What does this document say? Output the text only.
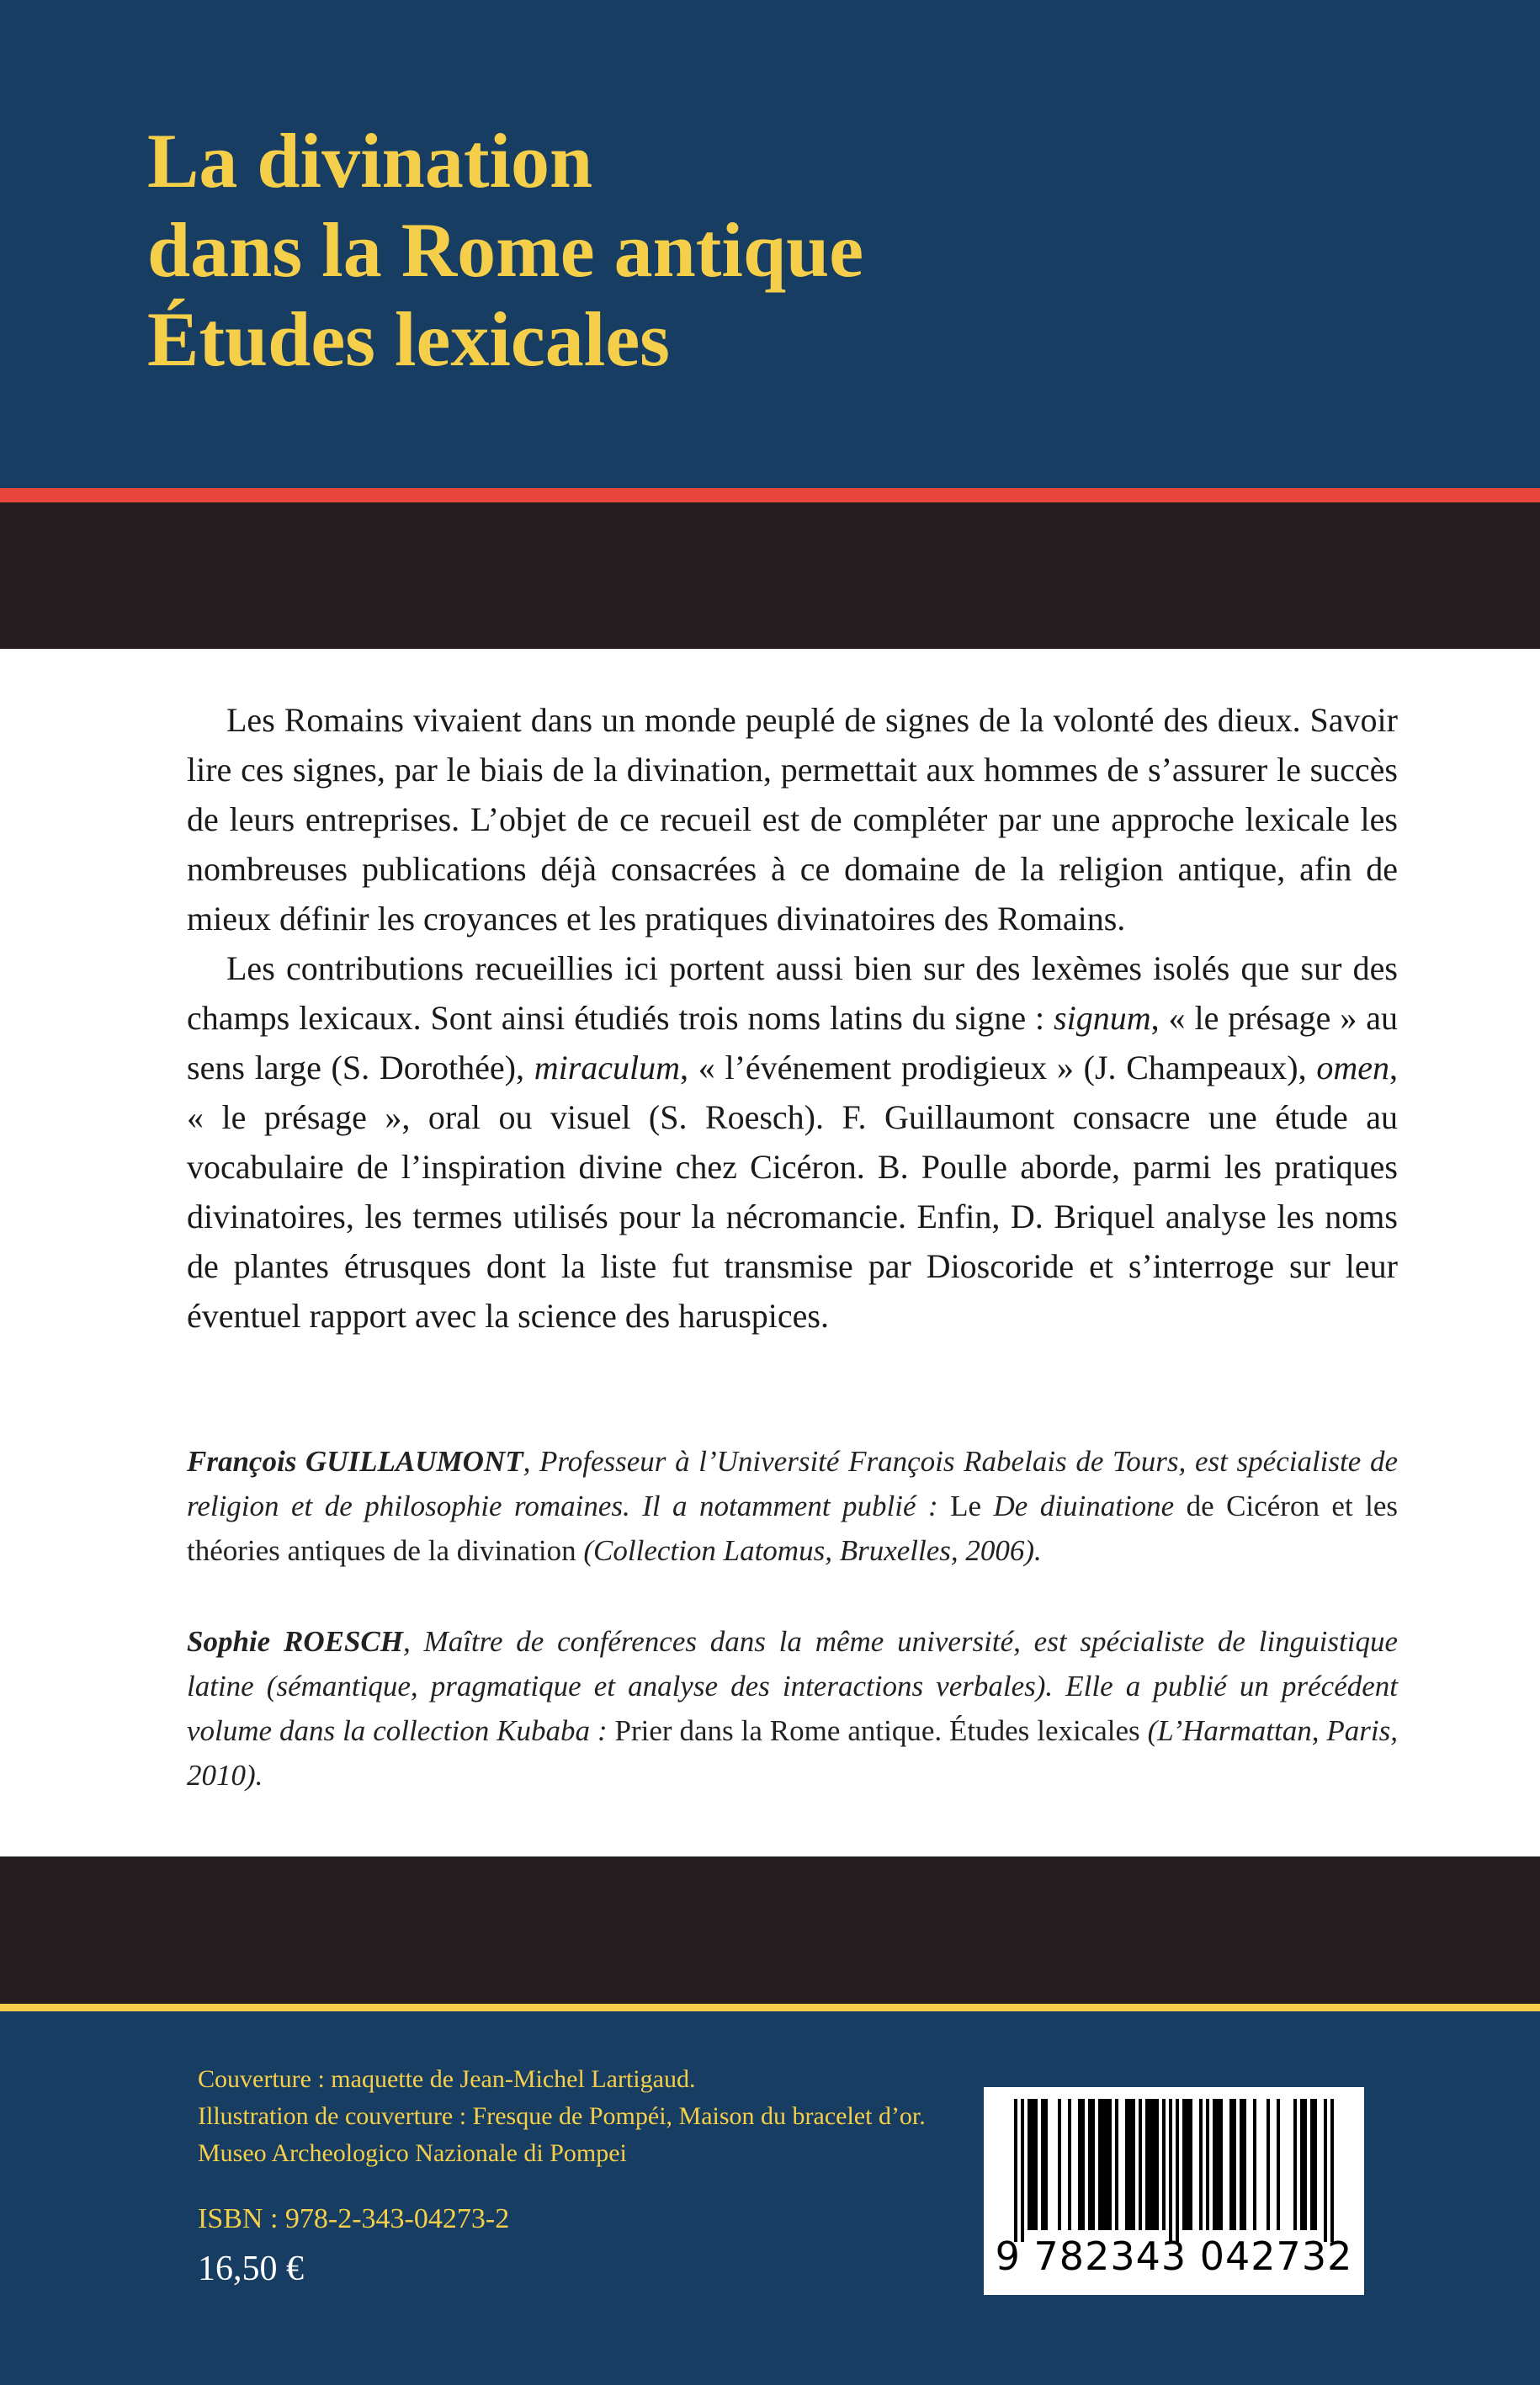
La divination
dans la Rome antique
Études lexicales

Les Romains vivaient dans un monde peuplé de signes de la volonté des dieux. Savoir lire ces signes, par le biais de la divination, permettait aux hommes de s’assurer le succès de leurs entreprises. L’objet de ce recueil est de compléter par une approche lexicale les nombreuses publications déjà consacrées à ce domaine de la religion antique, afin de mieux définir les croyances et les pratiques divinatoires des Romains.

Les contributions recueillies ici portent aussi bien sur des lexèmes isolés que sur des champs lexicaux. Sont ainsi étudiés trois noms latins du signe : signum, « le présage » au sens large (S. Dorothée), miraculum, « l’événement prodigieux » (J. Champeaux), omen, « le présage », oral ou visuel (S. Roesch). F. Guillaumont consacre une étude au vocabulaire de l’inspiration divine chez Cicéron. B. Poulle aborde, parmi les pratiques divinatoires, les termes utilisés pour la nécromancie. Enfin, D. Briquel analyse les noms de plantes étrusques dont la liste fut transmise par Dioscoride et s’interroge sur leur éventuel rapport avec la science des haruspices.

François GUILLAUMONT, Professeur à l’Université François Rabelais de Tours, est spécialiste de religion et de philosophie romaines. Il a notamment publié : Le De diuinatione de Cicéron et les théories antiques de la divination (Collection Latomus, Bruxelles, 2006).

Sophie ROESCH, Maître de conférences dans la même université, est spécialiste de linguistique latine (sémantique, pragmatique et analyse des interactions verbales). Elle a publié un précédent volume dans la collection Kubaba : Prier dans la Rome antique. Études lexicales (L’Harmattan, Paris, 2010).

Couverture : maquette de Jean-Michel Lartigaud.
Illustration de couverture : Fresque de Pompéi, Maison du bracelet d’or.
Museo Archeologico Nazionale di Pompei
ISBN : 978-2-343-04273-2
16,50 €	9 782343 042732
